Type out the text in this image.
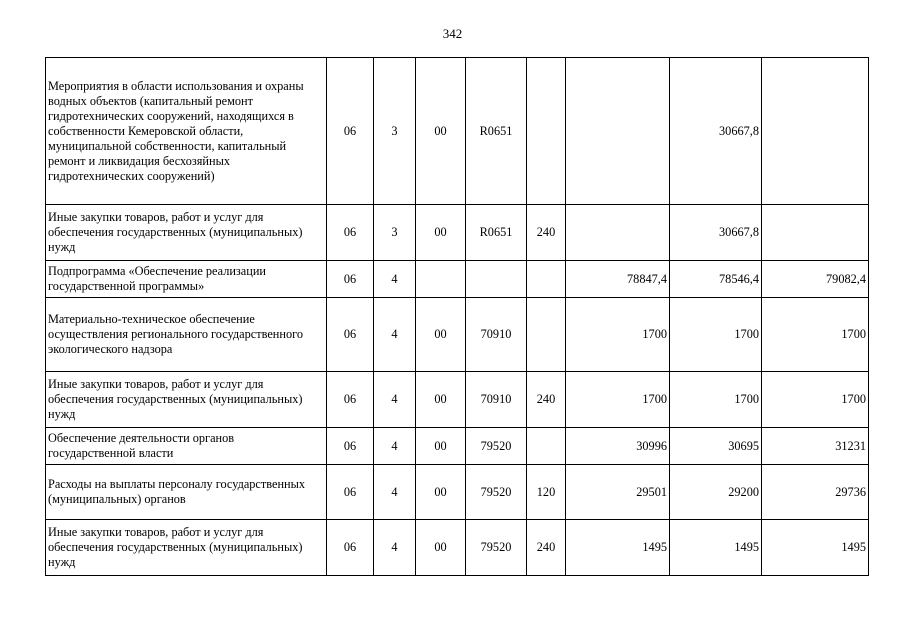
342
Мероприятия в области использования и охраны водных объектов (капитальный ремонт гидротехнических сооружений, находящихся в собственности Кемеровской области, муниципальной собственности, капитальный ремонт и ликвидация бесхозяйных гидротехнических сооружений)	06	3	00	R0651			30667,8	
Иные закупки товаров, работ и услуг для обеспечения государственных (муниципальных) нужд	06	3	00	R0651	240		30667,8	
Подпрограмма «Обеспечение реализации государственной программы»	06	4				78847,4	78546,4	79082,4
Материально-техническое обеспечение осуществления регионального государственного экологического надзора	06	4	00	70910		1700	1700	1700
Иные закупки товаров, работ и услуг для обеспечения государственных (муниципальных) нужд	06	4	00	70910	240	1700	1700	1700
Обеспечение деятельности органов государственной власти	06	4	00	79520		30996	30695	31231
Расходы на выплаты персоналу государственных (муниципальных) органов	06	4	00	79520	120	29501	29200	29736
Иные закупки товаров, работ и услуг для обеспечения государственных (муниципальных) нужд	06	4	00	79520	240	1495	1495	1495
